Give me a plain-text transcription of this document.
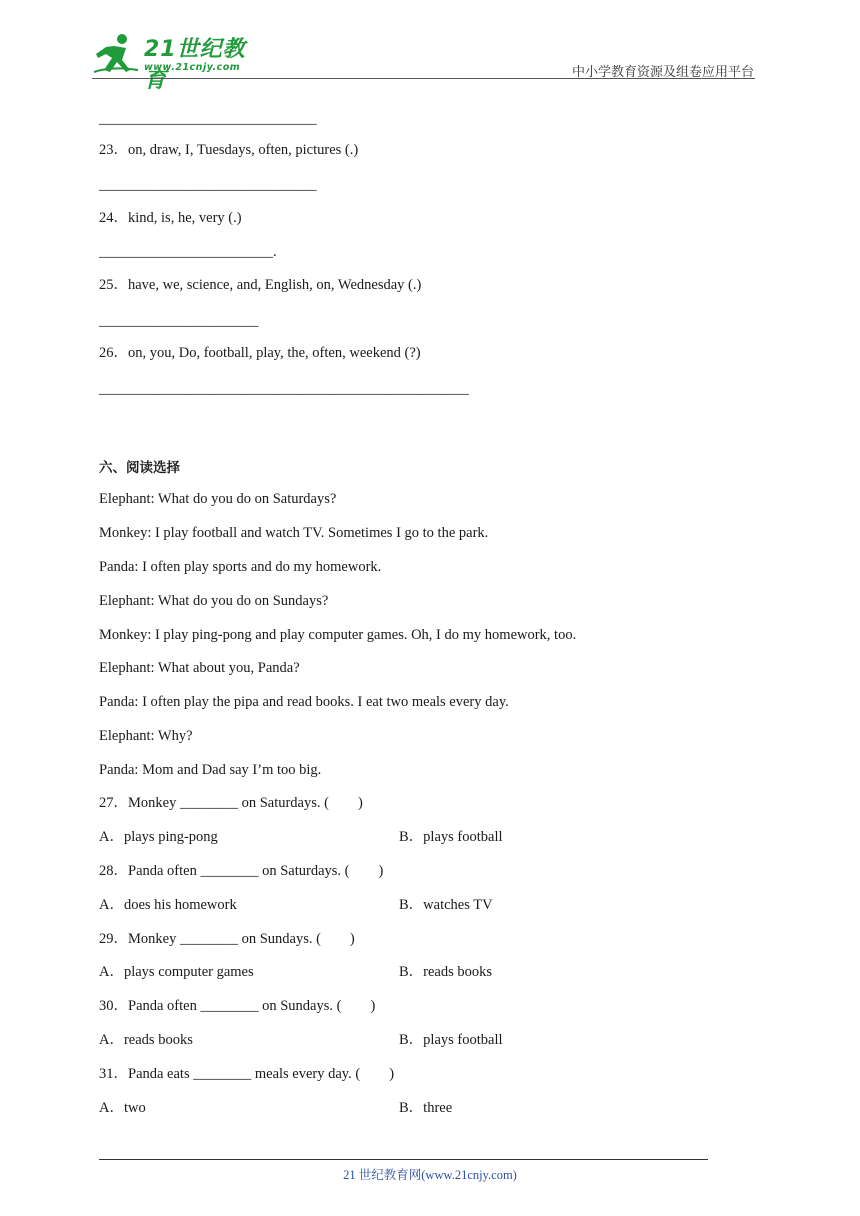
21世纪教育
www.21cnjy.com	中小学教育资源及组卷应用平台
______________________________
23．on, draw, I, Tuesdays, often, pictures (.)
______________________________
24．kind, is, he, very (.)
________________________.
25．have, we, science, and, English, on, Wednesday (.)
______________________
26．on, you, Do, football, play, the, often, weekend (?)
___________________________________________________
六、阅读选择
Elephant: What do you do on Saturdays?
Monkey: I play football and watch TV. Sometimes I go to the park.
Panda: I often play sports and do my homework.
Elephant: What do you do on Sundays?
Monkey: I play ping-pong and play computer games. Oh, I do my homework, too.
Elephant: What about you, Panda?
Panda: I often play the pipa and read books. I eat two meals every day.
Elephant: Why?
Panda: Mom and Dad say I’m too big.
27．Monkey ________ on Saturdays. (　　)
A．plays ping-pong	B．plays football
28．Panda often ________ on Saturdays. (　　)
A．does his homework	B．watches TV
29．Monkey ________ on Sundays. (　　)
A．plays computer games	B．reads books
30．Panda often ________ on Sundays. (　　)
A．reads books	B．plays football
31．Panda eats ________ meals every day. (　　)
A．two	B．three
21 世纪教育网(www.21cnjy.com)
